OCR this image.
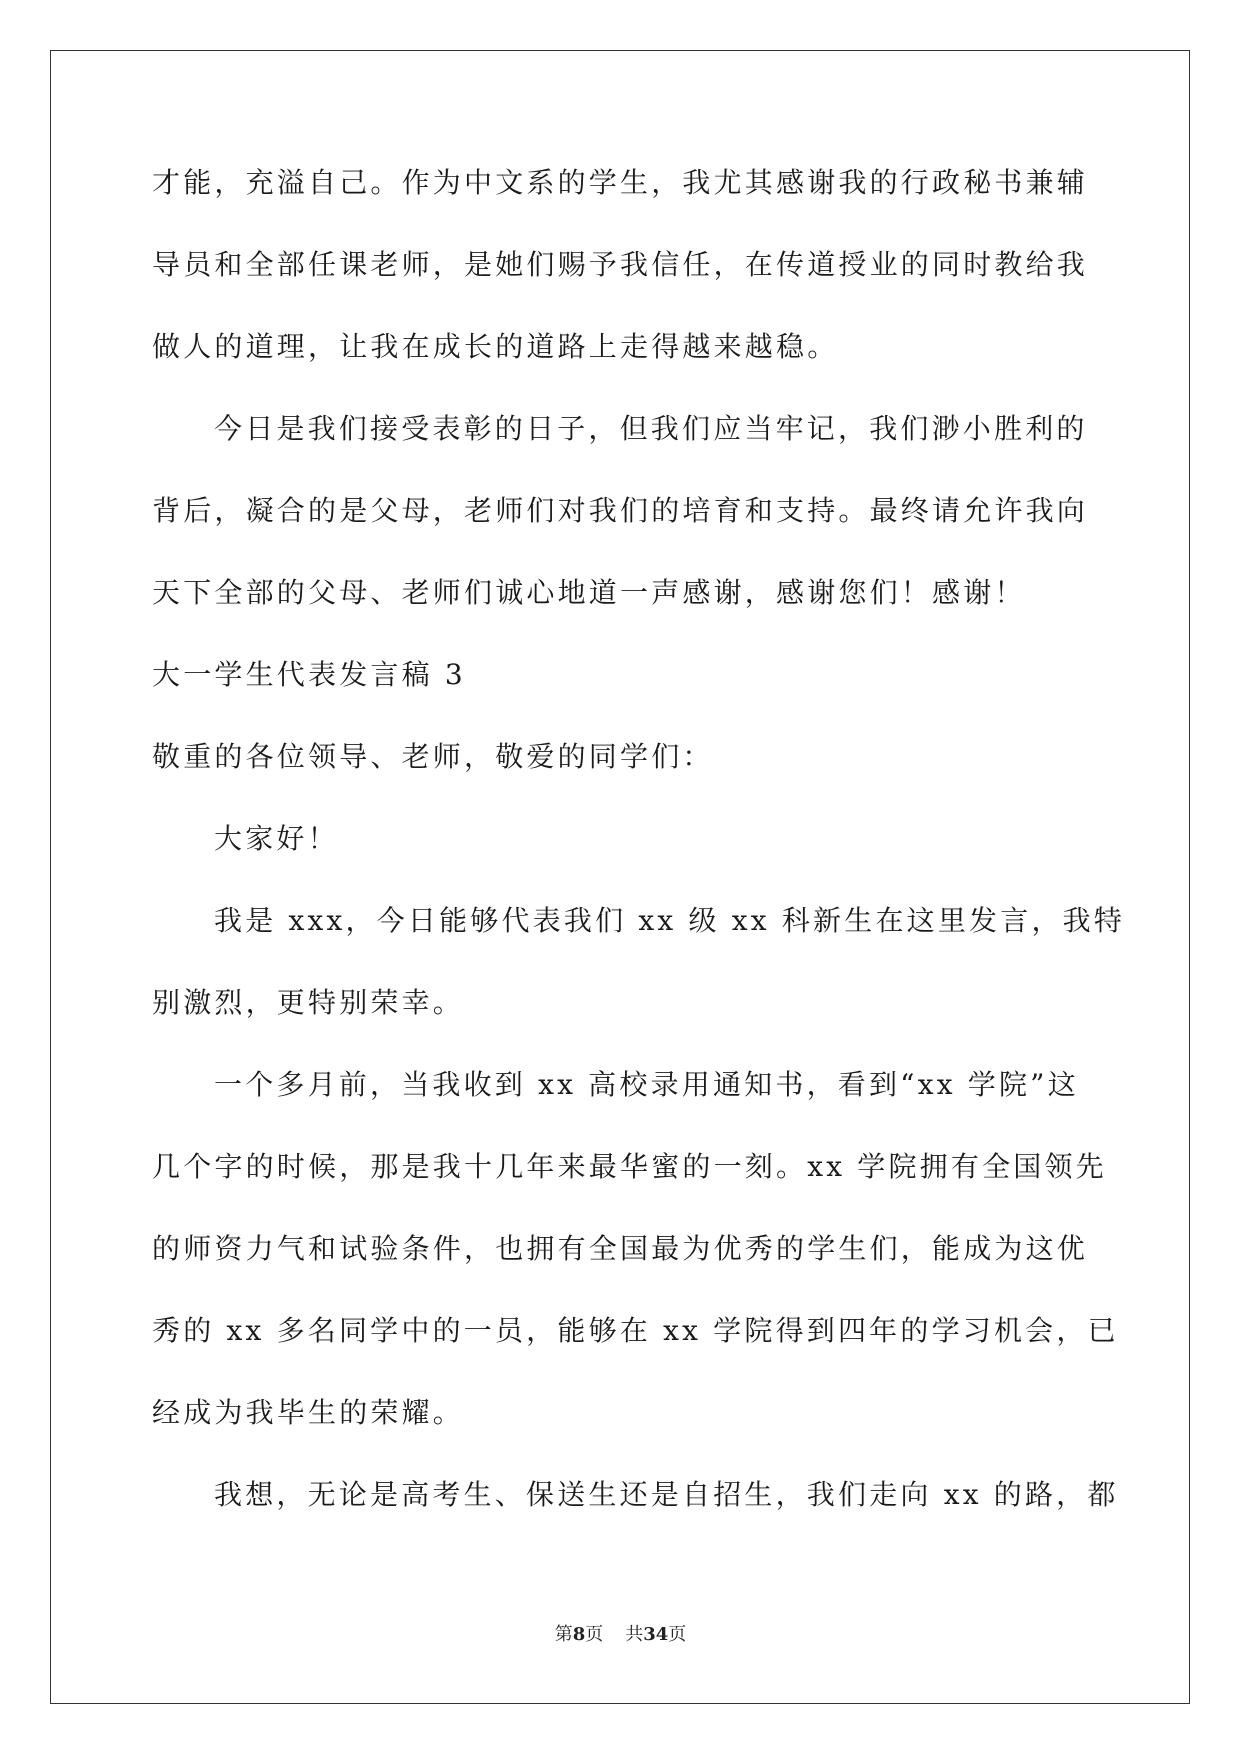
才能，充溢自己。作为中文系的学生，我尤其感谢我的行政秘书兼辅
导员和全部任课老师，是她们赐予我信任，在传道授业的同时教给我
做人的道理，让我在成长的道路上走得越来越稳。
今日是我们接受表彰的日子，但我们应当牢记，我们渺小胜利的
背后，凝合的是父母，老师们对我们的培育和支持。最终请允许我向
天下全部的父母、老师们诚心地道一声感谢，感谢您们！感谢！
大一学生代表发言稿 3
敬重的各位领导、老师，敬爱的同学们：
大家好！
我是 xxx，今日能够代表我们 xx 级 xx 科新生在这里发言，我特
别激烈，更特别荣幸。
一个多月前，当我收到 xx 高校录用通知书，看到“xx 学院”这
几个字的时候，那是我十几年来最华蜜的一刻。xx 学院拥有全国领先
的师资力气和试验条件，也拥有全国最为优秀的学生们，能成为这优
秀的 xx 多名同学中的一员，能够在 xx 学院得到四年的学习机会，已
经成为我毕生的荣耀。
我想，无论是高考生、保送生还是自招生，我们走向 xx 的路，都
第8页 共34页
